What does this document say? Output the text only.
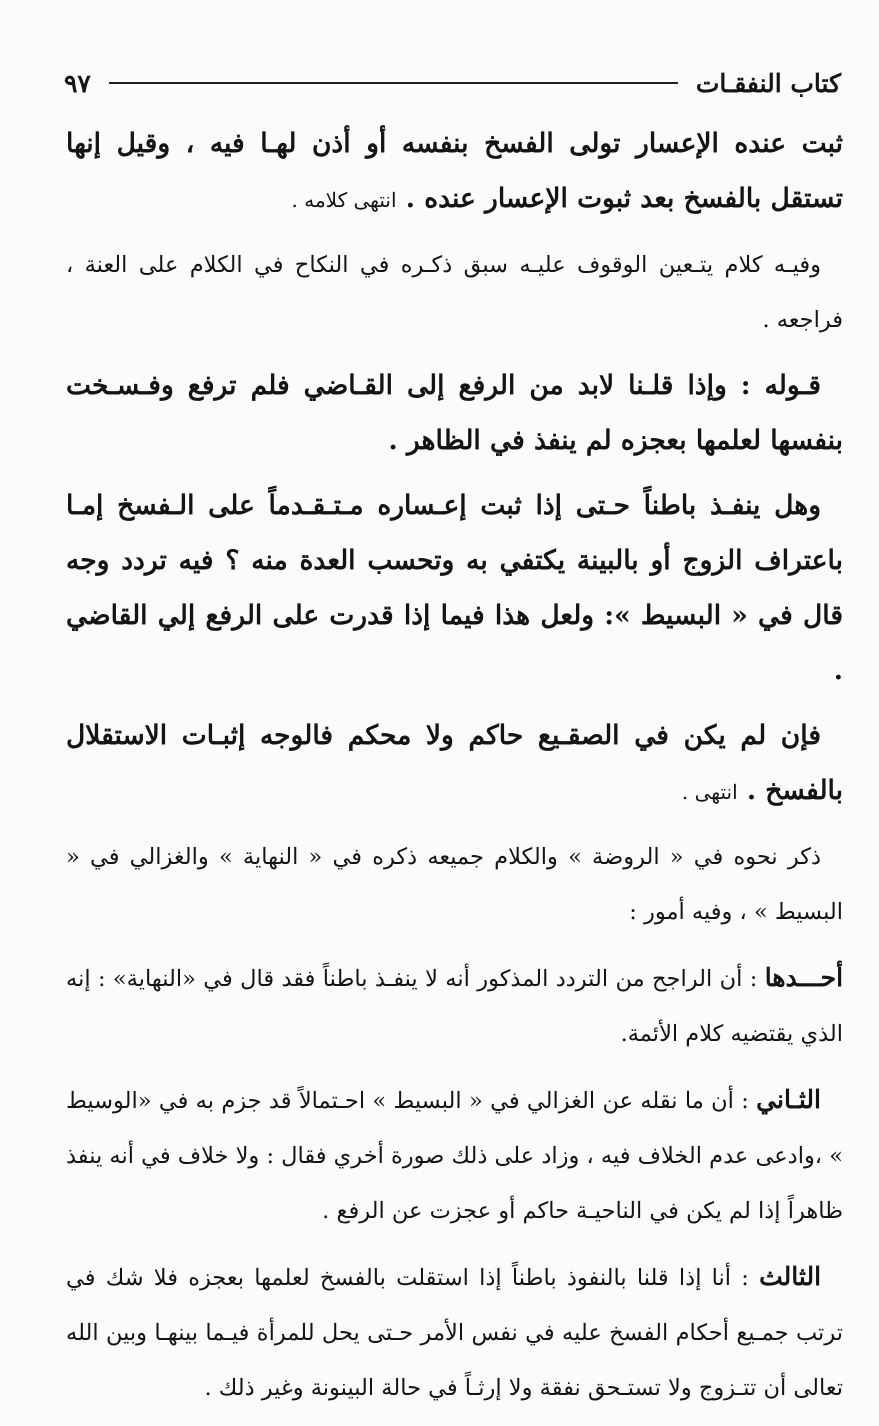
كتاب النفقـات
٩٧

ثبت عنده الإعسار تولى الفسخ بنفسه أو أذن لهـا فيه ، وقيل إنها تستقل بالفسخ بعد ثبوت الإعسار عنده . انتهى كلامه .

وفيـه كلام يتـعين الوقوف عليـه سبق ذكـره في النكاح في الكلام على العنة ، فراجعه .

قـوله : وإذا قلـنا لابد من الرفع إلى القـاضي فلم ترفع وفـسـخت بنفسها لعلمها بعجزه لم ينفذ في الظاهر .

وهل ينفـذ باطناً حـتى إذا ثبت إعـساره مـتـقـدماً على الـفسخ إمـا باعتراف الزوج أو بالبينة يكتفي به وتحسب العدة منه ؟ فيه تردد وجه قال في « البسيط »: ولعل هذا فيما إذا قدرت على الرفع إلي القاضي .

فإن لم يكن في الصقـيع حاكم ولا محكم فالوجه إثبـات الاستقلال بالفسخ . انتهى .

ذكر نحوه في « الروضة » والكلام جميعه ذكره في « النهاية » والغزالي في « البسيط » ، وفيه أمور :

أحـــدها : أن الراجح من التردد المذكور أنه لا ينفـذ باطناً فقد قال في «النهاية» : إنه الذي يقتضيه كلام الأئمة.

الثـاني : أن ما نقله عن الغزالي في « البسيط » احـتمالاً قد جزم به في «الوسيط » ،وادعى عدم الخلاف فيه ، وزاد على ذلك صورة أخري فقال : ولا خلاف في أنه ينفذ ظاهراً إذا لم يكن في الناحيـة حاكم أو عجزت عن الرفع .

الثالث : أنا إذا قلنا بالنفوذ باطناً إذا استقلت بالفسخ لعلمها بعجزه فلا شك في ترتب جمـيع أحكام الفسخ عليه في نفس الأمر حـتى يحل للمرأة فيـما بينهـا وبين الله تعالى أن تتـزوج ولا تستـحق نفقة ولا إرثـاً في حالة البينونة وغير ذلك .
